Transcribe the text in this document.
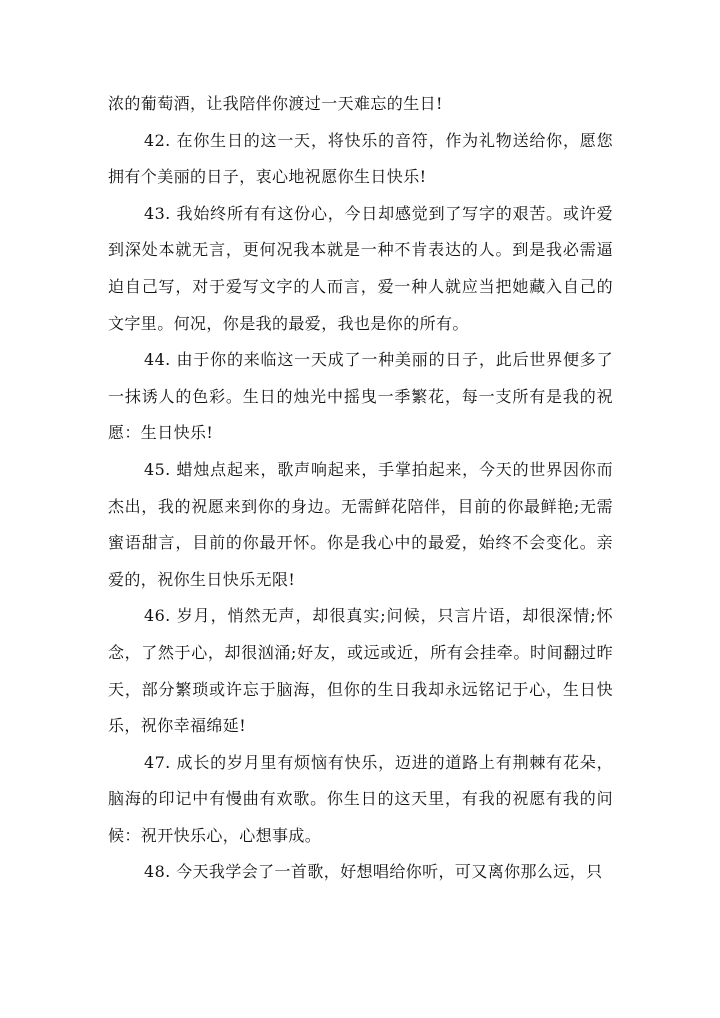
浓的葡萄酒，让我陪伴你渡过一天难忘的生日!

42. 在你生日的这一天，将快乐的音符，作为礼物送给你，愿您拥有个美丽的日子，衷心地祝愿你生日快乐!

43. 我始终所有有这份心，今日却感觉到了写字的艰苦。或许爱到深处本就无言，更何况我本就是一种不肯表达的人。到是我必需逼迫自己写，对于爱写文字的人而言，爱一种人就应当把她藏入自己的文字里。何况，你是我的最爱，我也是你的所有。

44. 由于你的来临这一天成了一种美丽的日子，此后世界便多了一抹诱人的色彩。生日的烛光中摇曳一季繁花，每一支所有是我的祝愿：生日快乐!

45. 蜡烛点起来，歌声响起来，手掌拍起来，今天的世界因你而杰出，我的祝愿来到你的身边。无需鲜花陪伴，目前的你最鲜艳;无需蜜语甜言，目前的你最开怀。你是我心中的最爱，始终不会变化。亲爱的，祝你生日快乐无限!

46. 岁月，悄然无声，却很真实;问候，只言片语，却很深情;怀念，了然于心，却很汹涌;好友，或远或近，所有会挂牵。时间翻过昨天，部分繁琐或许忘于脑海，但你的生日我却永远铭记于心，生日快乐，祝你幸福绵延!

47. 成长的岁月里有烦恼有快乐，迈进的道路上有荆棘有花朵，脑海的印记中有慢曲有欢歌。你生日的这天里，有我的祝愿有我的问候：祝开快乐心，心想事成。

48. 今天我学会了一首歌，好想唱给你听，可又离你那么远，只
